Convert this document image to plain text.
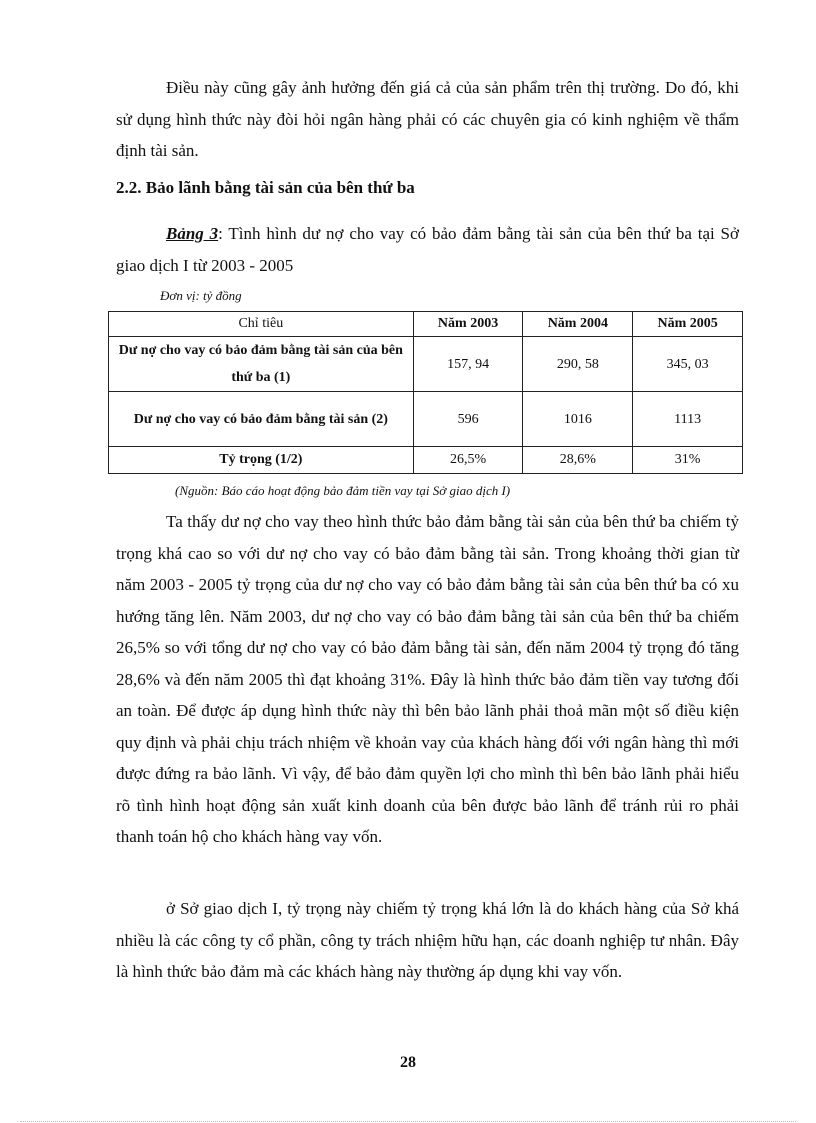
Điều này cũng gây ảnh hưởng đến giá cả của sản phẩm trên thị trường. Do đó, khi sử dụng hình thức này đòi hỏi ngân hàng phải có các chuyên gia có kinh nghiệm về thẩm định tài sản.

2.2. Bảo lãnh bằng tài sản của bên thứ ba

Bảng 3: Tình hình dư nợ cho vay có bảo đảm bằng tài sản của bên thứ ba tại Sở giao dịch I từ 2003 - 2005

Đơn vị: tỷ đồng
Chỉ tiêu	Năm 2003	Năm 2004	Năm 2005
Dư nợ cho vay có bảo đảm bằng tài sản của bên thứ ba (1)	157, 94	290, 58	345, 03
Dư nợ cho vay có bảo đảm bằng tài sản (2)	596	1016	1113
Tỷ trọng (1/2)	26,5%	28,6%	31%
(Nguồn: Báo cáo hoạt động bảo đảm tiền vay tại Sở giao dịch I)

Ta thấy dư nợ cho vay theo hình thức bảo đảm bằng tài sản của bên thứ ba chiếm tỷ trọng khá cao so với dư nợ cho vay có bảo đảm bằng tài sản. Trong khoảng thời gian từ năm 2003 - 2005 tỷ trọng của dư nợ cho vay có bảo đảm bằng tài sản của bên thứ ba có xu hướng tăng lên. Năm 2003, dư nợ cho vay có bảo đảm bằng tài sản của bên thứ ba chiếm 26,5% so với tổng dư nợ cho vay có bảo đảm bằng tài sản, đến năm 2004 tỷ trọng đó tăng 28,6% và đến năm 2005 thì đạt khoảng 31%. Đây là hình thức bảo đảm tiền vay tương đối an toàn. Để được áp dụng hình thức này thì bên bảo lãnh phải thoả mãn một số điều kiện quy định và phải chịu trách nhiệm về khoản vay của khách hàng đối với ngân hàng thì mới được đứng ra bảo lãnh. Vì vậy, để bảo đảm quyền lợi cho mình thì bên bảo lãnh phải hiểu rõ tình hình hoạt động sản xuất kinh doanh của bên được bảo lãnh để tránh rủi ro phải thanh toán hộ cho khách hàng vay vốn.

ở Sở giao dịch I, tỷ trọng này chiếm tỷ trọng khá lớn là do khách hàng của Sở khá nhiều là các công ty cổ phần, công ty trách nhiệm hữu hạn, các doanh nghiệp tư nhân. Đây là hình thức bảo đảm mà các khách hàng này thường áp dụng khi vay vốn.

28
